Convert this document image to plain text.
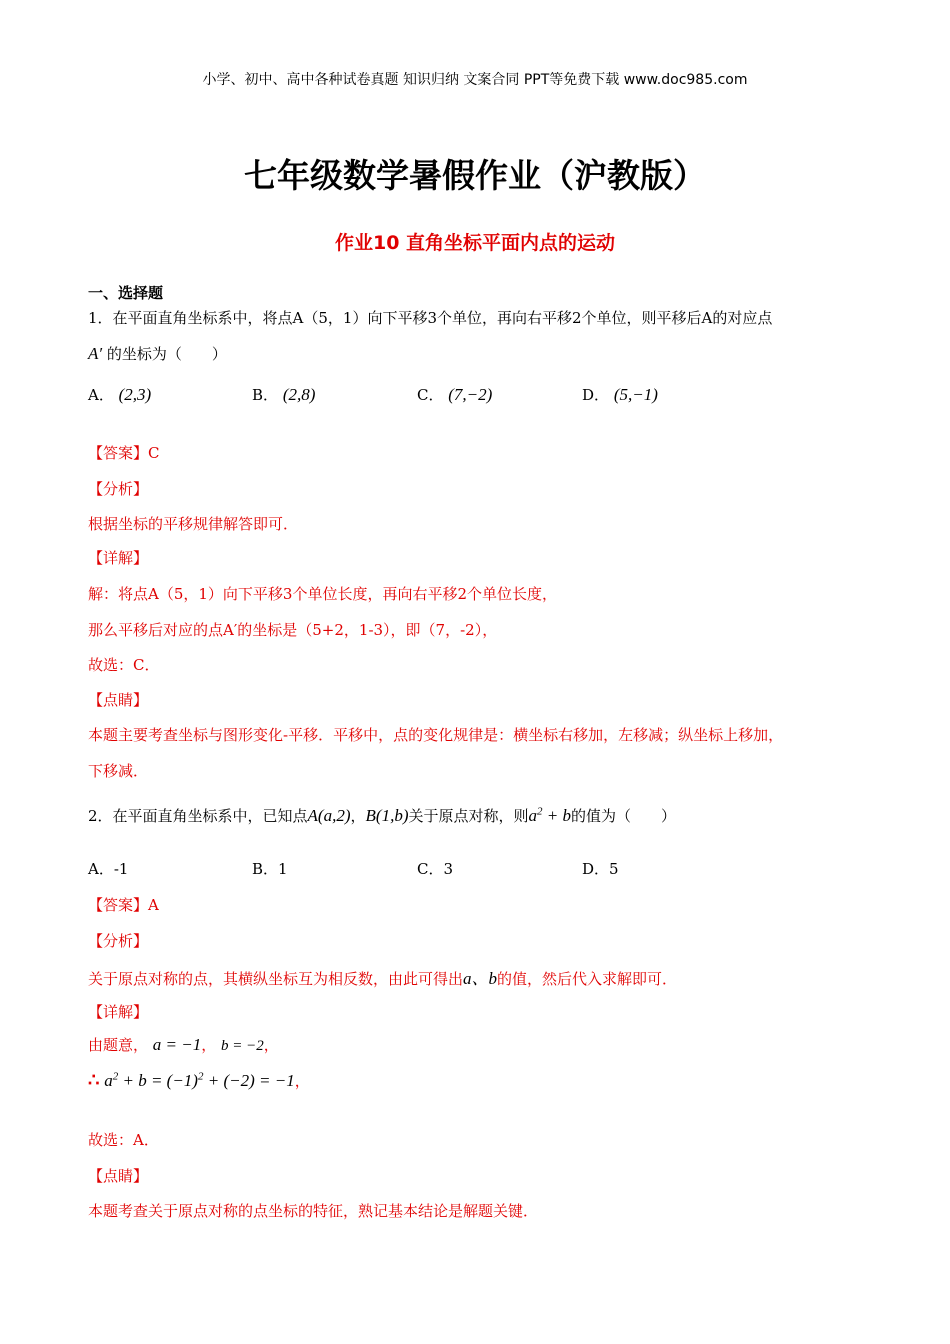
小学、初中、高中各种试卷真题 知识归纳 文案合同 PPT等免费下载 www.doc985.com
七年级数学暑假作业（沪教版）
作业10 直角坐标平面内点的运动
一、选择题
1．在平面直角坐标系中，将点A（5，1）向下平移3个单位，再向右平移2个单位，则平移后A的对应点
A′ 的坐标为（　　）
A． (2,3)	B． (2,8)	C． (7,−2)	D． (5,−1)
【答案】C
【分析】
根据坐标的平移规律解答即可．
【详解】
解：将点A（5，1）向下平移3个单位长度，再向右平移2个单位长度，
那么平移后对应的点A′的坐标是（5+2，1-3），即（7，-2），
故选：C．
【点睛】
本题主要考查坐标与图形变化-平移．平移中，点的变化规律是：横坐标右移加，左移减；纵坐标上移加，
下移减．
2．在平面直角坐标系中，已知点A(a,2)，B(1,b)关于原点对称，则$a^2 + b$的值为（　　）
A．-1	B．1	C．3	D．5
【答案】A
【分析】
关于原点对称的点，其横纵坐标互为相反数，由此可得出a、b的值，然后代入求解即可．
【详解】
由题意， a = −1， b = −2，
∴ $a^2 + b = (-1)^2 + (-2) = -1$，
故选：A．
【点睛】
本题考查关于原点对称的点坐标的特征，熟记基本结论是解题关键．
